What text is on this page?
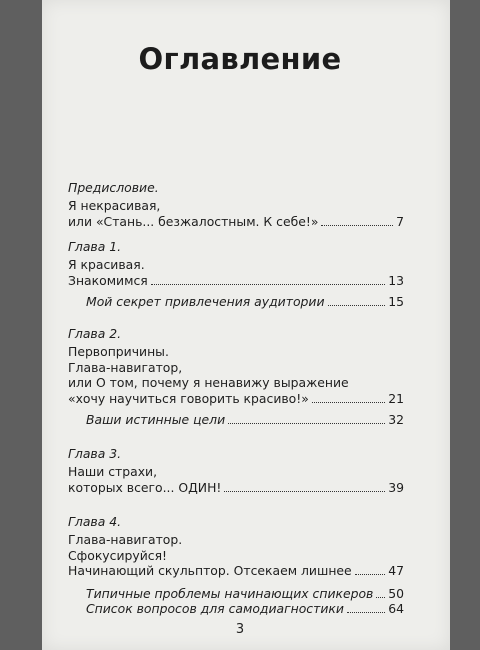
Оглавление
Предисловие.
Я некрасивая,
или «Стань... безжалостным. К себе!»	7
Глава 1.
Я красивая.
Знакомимся	13
Мой секрет привлечения аудитории	15
Глава 2.
Первопричины.
Глава-навигатор,
или О том, почему я ненавижу выражение
«хочу научиться говорить красиво!»	21
Ваши истинные цели	32
Глава 3.
Наши страхи,
которых всего... ОДИН!	39
Глава 4.
Глава-навигатор.
Сфокусируйся!
Начинающий скульптор. Отсекаем лишнее	47
Типичные проблемы начинающих спикеров 50
Список вопросов для самодиагностики	64
3
